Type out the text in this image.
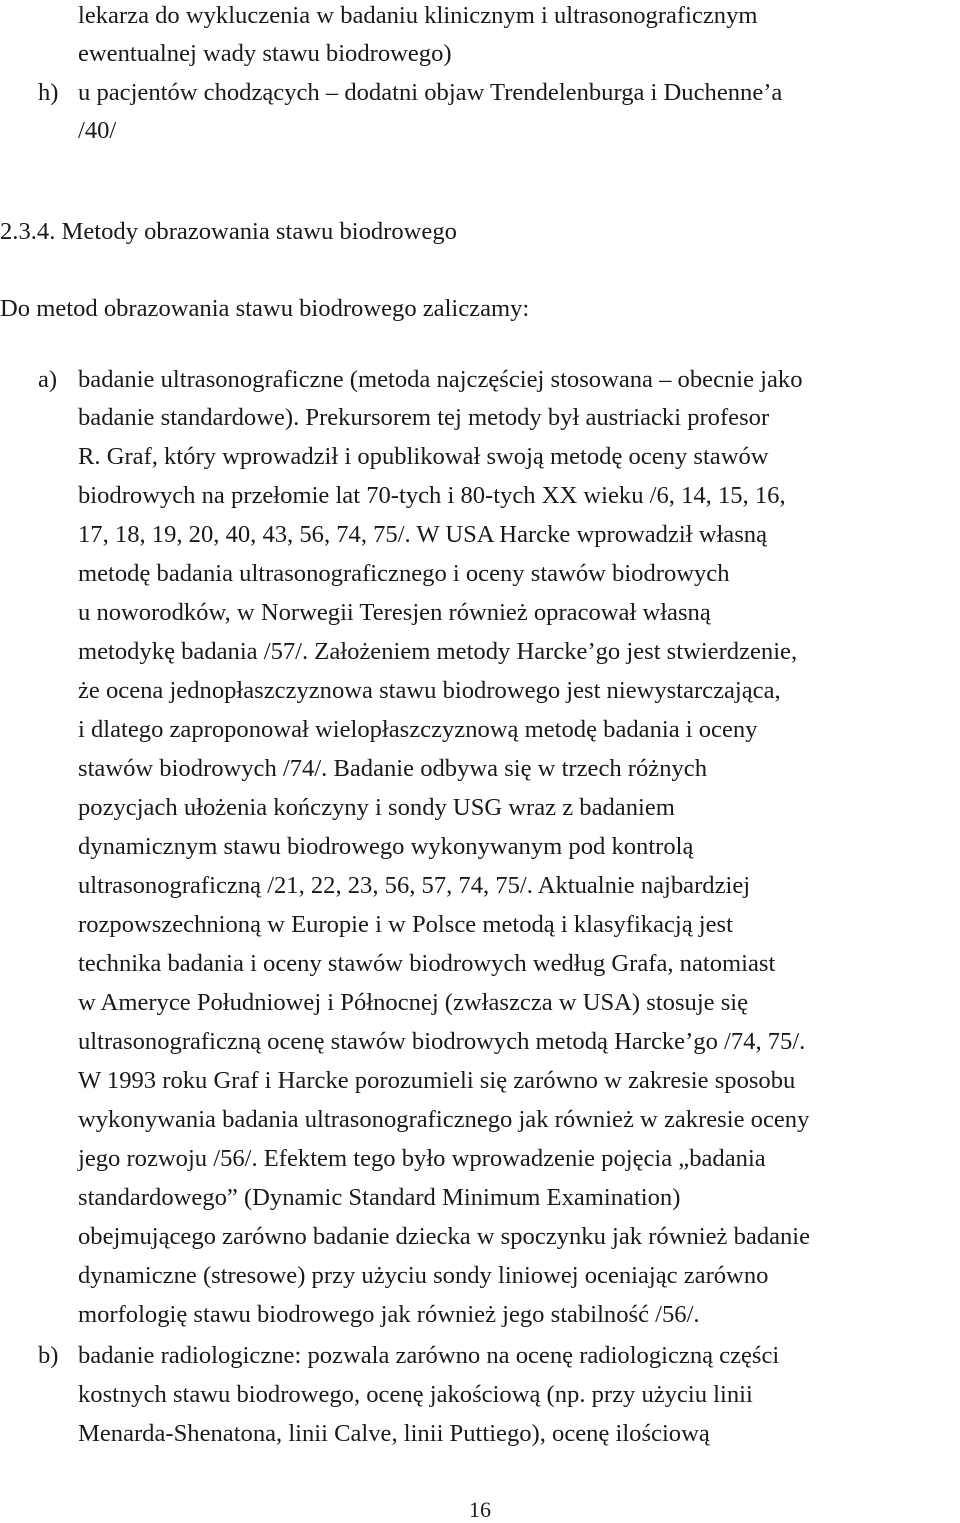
lekarza do wykluczenia w badaniu klinicznym i ultrasonograficznym
ewentualnej wady stawu biodrowego)
h) u pacjentów chodzących – dodatni objaw Trendelenburga i Duchenne’a
/40/
2.3.4. Metody obrazowania stawu biodrowego
Do metod obrazowania stawu biodrowego zaliczamy:
a) badanie ultrasonograficzne (metoda najczęściej stosowana – obecnie jako
badanie standardowe). Prekursorem tej metody był austriacki profesor
R. Graf, który wprowadził i opublikował swoją metodę oceny stawów
biodrowych na przełomie lat 70-tych i 80-tych XX wieku /6, 14, 15, 16,
17, 18, 19, 20, 40, 43, 56, 74, 75/. W USA Harcke wprowadził własną
metodę badania ultrasonograficznego i oceny stawów biodrowych
u noworodków, w Norwegii Teresjen również opracował własną
metodykę badania /57/. Założeniem metody Harcke’go jest stwierdzenie,
że ocena jednopłaszczyznowa stawu biodrowego jest niewystarczająca,
i dlatego zaproponował wielopłaszczyznową metodę badania i oceny
stawów biodrowych /74/. Badanie odbywa się w trzech różnych
pozycjach ułożenia kończyny i sondy USG wraz z badaniem
dynamicznym stawu biodrowego wykonywanym pod kontrolą
ultrasonograficzną /21, 22, 23, 56, 57, 74, 75/. Aktualnie najbardziej
rozpowszechnioną w Europie i w Polsce metodą i klasyfikacją jest
technika badania i oceny stawów biodrowych według Grafa, natomiast
w Ameryce Południowej i Północnej (zwłaszcza w USA) stosuje się
ultrasonograficzną ocenę stawów biodrowych metodą Harcke’go /74, 75/.
W 1993 roku Graf i Harcke porozumieli się zarówno w zakresie sposobu
wykonywania badania ultrasonograficznego jak również w zakresie oceny
jego rozwoju /56/. Efektem tego było wprowadzenie pojęcia „badania
standardowego” (Dynamic Standard Minimum Examination)
obejmującego zarówno badanie dziecka w spoczynku jak również badanie
dynamiczne (stresowe) przy użyciu sondy liniowej oceniając zarówno
morfologię stawu biodrowego jak również jego stabilność /56/.
b) badanie radiologiczne: pozwala zarówno na ocenę radiologiczną części
kostnych stawu biodrowego, ocenę jakościową (np. przy użyciu linii
Menarda-Shenatona, linii Calve, linii Puttiego), ocenę ilościową
16
